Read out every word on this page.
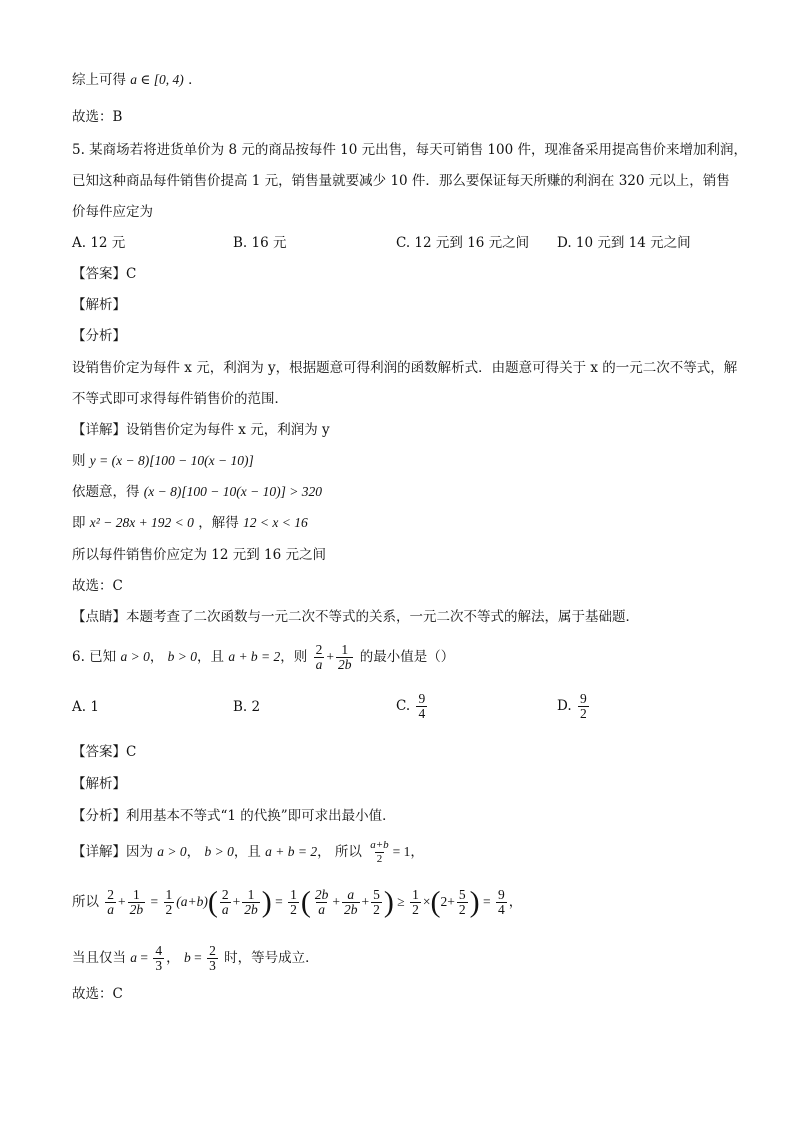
综上可得 a ∈ [0, 4) ．
故选：B
5. 某商场若将进货单价为 8 元的商品按每件 10 元出售，每天可销售 100 件，现准备采用提高售价来增加利润，
已知这种商品每件销售价提高 1 元，销售量就要减少 10 件．那么要保证每天所赚的利润在 320 元以上，销售
价每件应定为
A. 12 元	B. 16 元	C. 12 元到 16 元之间 D. 10 元到 14 元之间
【答案】C
【解析】
【分析】
设销售价定为每件 x 元，利润为 y，根据题意可得利润的函数解析式．由题意可得关于 x 的一元二次不等式，解
不等式即可求得每件销售价的范围．
【详解】设销售价定为每件 x 元，利润为 y
则 y = (x − 8)[100 − 10(x − 10)]
依题意，得 (x − 8)[100 − 10(x − 10)] > 320
即 x² − 28x + 192 < 0 ，解得 12 < x < 16
所以每件销售价应定为 12 元到 16 元之间
故选：C
【点睛】本题考查了二次函数与一元二次不等式的关系，一元二次不等式的解法，属于基础题．
6. 已知 a > 0， b > 0，且 a + b = 2，则 $\frac{2}{a} + \frac{1}{2b}$ 的最小值是（）
A. 1	B. 2	C. $\frac{9}{4}$	D. $\frac{9}{2}$
【答案】C
【解析】
【分析】利用基本不等式“1 的代换”即可求出最小值．
【详解】因为 a > 0， b > 0，且 a + b = 2， 所以 $\frac{a+b}{2} = 1$，
所以 $\frac{2}{a} + \frac{1}{2b} = \frac{1}{2} (a+b)( \frac{2}{a} + \frac{1}{2b}$ ) = $\frac{1}{2}$ ( $\frac{2b}{a} + \frac{a}{2b} + \frac{5}{2}$ ) ≥ $\frac{1}{2} \times(2+ \frac{5}{2}$ ) = $\frac{9}{4}$ ，
当且仅当 $a = \frac{4}{3}$ ， $b = \frac{2}{3}$ 时，等号成立．
故选：C
